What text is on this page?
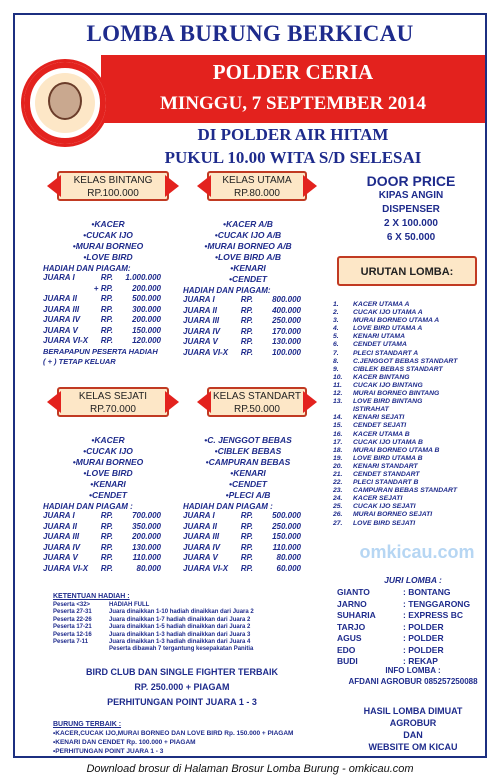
LOMBA BURUNG BERKICAU
POLDER CERIA
MINGGU, 7 SEPTEMBER 2014
DI POLDER AIR HITAM
PUKUL 10.00 WITA S/D SELESAI
KELAS BINTANG
RP.100.000
•KACER
•CUCAK IJO
•MURAI BORNEO
•LOVE BIRD
HADIAH DAN PIAGAM:
JUARA I	RP.	1.000.000
	+ RP.	200.000
JUARA II	RP.	500.000
JUARA III	RP.	300.000
JUARA IV	RP.	200.000
JUARA V	RP.	150.000
JUARA VI-X	RP.	120.000
BERAPAPUN PESERTA HADIAH
( + ) TETAP KELUAR
KELAS UTAMA
RP.80.000
•KACER A/B
•CUCAK IJO A/B
•MURAI BORNEO A/B
•LOVE BIRD A/B
•KENARI
•CENDET
HADIAH DAN PIAGAM:
JUARA I	RP.	800.000
JUARA II	RP.	400.000
JUARA III	RP.	250.000
JUARA IV	RP.	170.000
JUARA V	RP.	130.000
JUARA VI-X	RP.	100.000
KELAS SEJATI
RP.70.000
•KACER
•CUCAK IJO
•MURAI BORNEO
•LOVE BIRD
•KENARI
•CENDET
HADIAH DAN PIAGAM :
JUARA I	RP.	700.000
JUARA II	RP.	350.000
JUARA III	RP.	200.000
JUARA IV	RP.	130.000
JUARA V	RP.	110.000
JUARA VI-X	RP.	80.000
KELAS STANDART
RP.50.000
•C. JENGGOT BEBAS
•CIBLEK BEBAS
•CAMPURAN BEBAS
•KENARI
•CENDET
•PLECI A/B
HADIAH DAN PIAGAM :
JUARA I	RP.	500.000
JUARA II	RP.	250.000
JUARA III	RP.	150.000
JUARA IV	RP.	110.000
JUARA V	RP.	80.000
JUARA VI-X	RP.	60.000
DOOR PRICE
KIPAS ANGIN
DISPENSER
2 X 100.000
6 X 50.000
URUTAN LOMBA:
1.	KACER UTAMA A
2.	CUCAK IJO UTAMA A
3.	MURAI BORNEO UTAMA A
4.	LOVE BIRD UTAMA A
5.	KENARI UTAMA
6.	CENDET UTAMA
7.	PLECI STANDART A
8.	C.JENGGOT BEBAS STANDART
9.	CIBLEK BEBAS STANDART
10.	KACER BINTANG
11.	CUCAK IJO BINTANG
12.	MURAI BORNEO BINTANG
13.	LOVE BIRD BINTANG
ISTIRAHAT
14.	KENARI SEJATI
15.	CENDET SEJATI
16.	KACER UTAMA B
17.	CUCAK IJO UTAMA B
18.	MURAI BORNEO UTAMA B
19.	LOVE BIRD UTAMA B
20.	KENARI STANDART
21.	CENDET STANDART
22.	PLECI STANDART B
23.	CAMPURAN BEBAS STANDART
24.	KACER SEJATI
25.	CUCAK IJO SEJATI
26.	MURAI BORNEO SEJATI
27.	LOVE BIRD SEJATI
omkicau.com
JURI LOMBA :
GIANTO	: BONTANG
JARNO	: TENGGARONG
SUHARIA	: EXPRESS BC
TARJO	: POLDER
AGUS	: POLDER
EDO	: POLDER
BUDI	: REKAP
INFO LOMBA :
AFDANI AGROBUR 085257250088
HASIL LOMBA DIMUAT
AGROBUR
DAN
WEBSITE OM KICAU
KETENTUAN HADIAH :
Peserta <32>	HADIAH FULL
Peserta 27-31	Juara dinaikkan 1-10 hadiah dinaikkan dari Juara 2
Peserta 22-26	Juara dinaikkan 1-7 hadiah dinaikkan dari Juara 2
Peserta 17-21	Juara dinaikkan 1-5 hadiah dinaikkan dari Juara 2
Peserta 12-16	Juara dinaikkan 1-3 hadiah dinaikkan dari Juara 3
Peserta 7-11	Juara dinaikkan 1-3 hadiah dinaikkan dari Juara 4
Peserta dibawah 7 tergantung kesepakatan Panitia
BIRD CLUB DAN SINGLE FIGHTER TERBAIK
RP. 250.000 + PIAGAM
PERHITUNGAN POINT JUARA 1 - 3
BURUNG TERBAIK :
•KACER,CUCAK IJO,MURAI BORNEO DAN LOVE BIRD Rp. 150.000 + PIAGAM
•KENARI DAN CENDET Rp. 100.000 + PIAGAM
•PERHITUNGAN POINT JUARA 1 - 3
Download brosur di Halaman Brosur Lomba Burung - omkicau.com
